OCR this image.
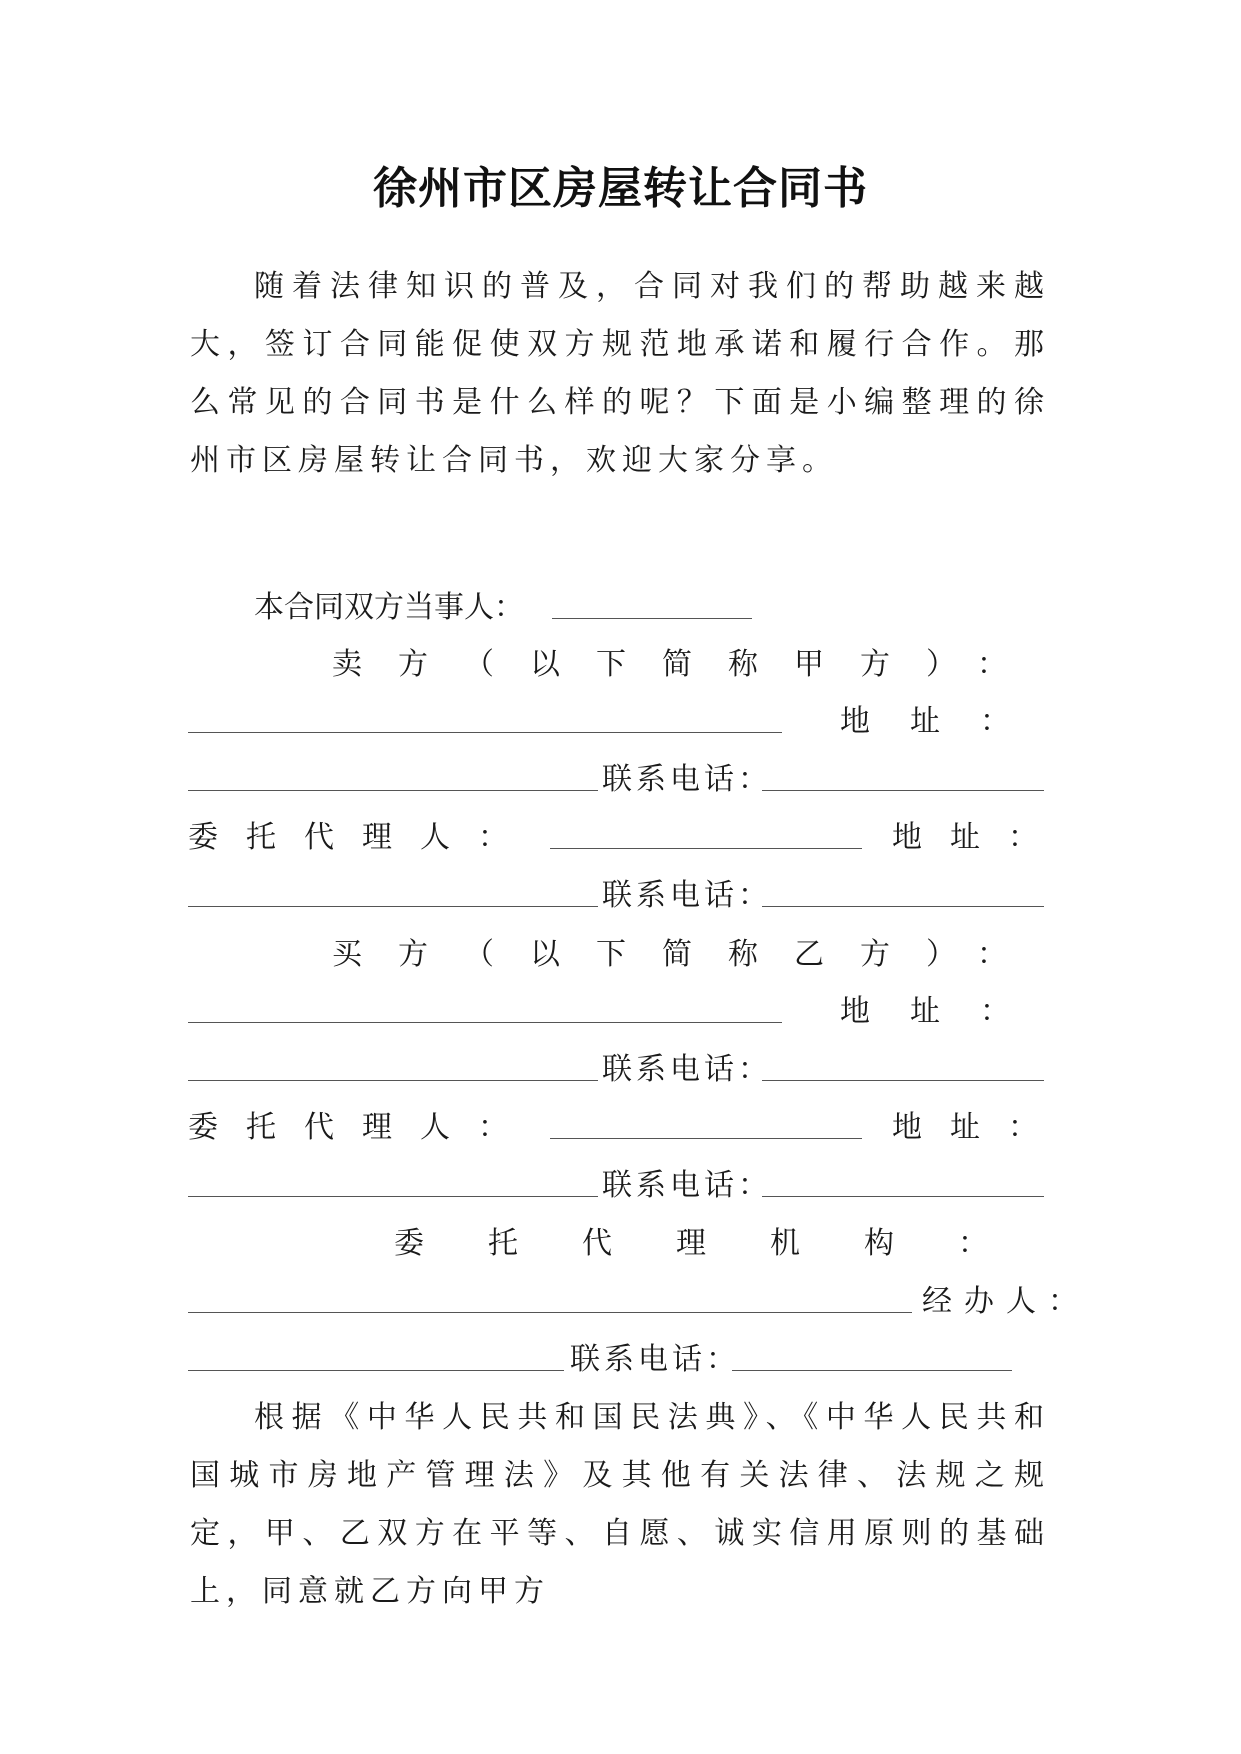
徐州市区房屋转让合同书
随着法律知识的普及，合同对我们的帮助越来越大，签订合同能促使双方规范地承诺和履行合作。那么常见的合同书是什么样的呢？下面是小编整理的徐州市区房屋转让合同书，欢迎大家分享。
本合同双方当事人：
卖方（以下简称甲方）：
地址：
联系电话：
委托代理人：	地址：
联系电话：
买方（以下简称乙方）：
地址：
联系电话：
委托代理人：	地址：
联系电话：
委托代理机构：
经办人：
联系电话：
根据《中华人民共和国民法典》、《中华人民共和国城市房地产管理法》及其他有关法律、法规之规定，甲、乙双方在平等、自愿、诚实信用原则的基础上，同意就乙方向甲方
